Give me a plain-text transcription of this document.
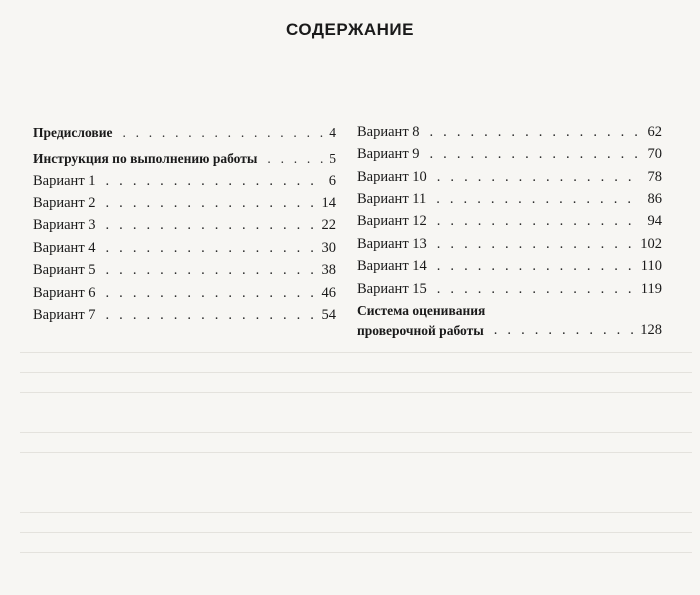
СОДЕРЖАНИЕ
Предисловие . . .	4
Инструкция по выполнению работы . . .	5
Вариант 1 . . .	6
Вариант 2 . . .	14
Вариант 3 . . .	22
Вариант 4 . . .	30
Вариант 5 . . .	38
Вариант 6 . . .	46
Вариант 7 . . .	54
Вариант 8 . . .	62
Вариант 9 . . .	70
Вариант 10 . . .	78
Вариант 11 . . .	86
Вариант 12 . . .	94
Вариант 13 . . .	102
Вариант 14 . . .	110
Вариант 15 . . .	119
Система оценивания
проверочной работы . . .	128
